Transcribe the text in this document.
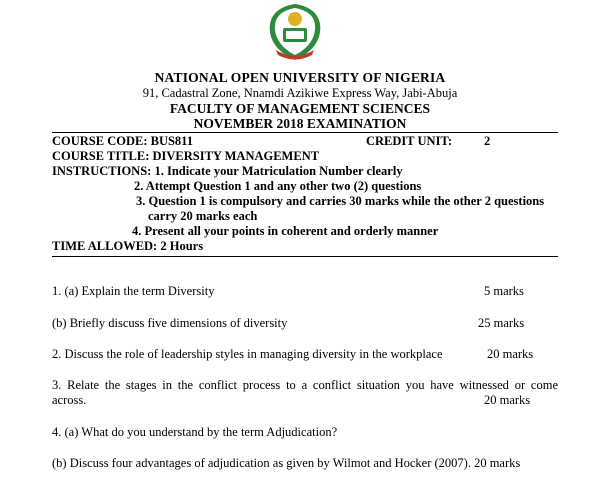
NATIONAL OPEN UNIVERSITY OF NIGERIA
91, Cadastral Zone, Nnamdi Azikiwe Express Way, Jabi-Abuja
FACULTY OF MANAGEMENT SCIENCES
NOVEMBER 2018 EXAMINATION
COURSE CODE: BUS811	CREDIT UNIT:	2
COURSE TITLE: DIVERSITY MANAGEMENT
INSTRUCTIONS: 1. Indicate your Matriculation Number clearly
2. Attempt Question 1 and any other two (2) questions
3. Question 1 is compulsory and carries 30 marks while the other 2 questions
carry 20 marks each
4. Present all your points in coherent and orderly manner
TIME ALLOWED: 2 Hours
1. (a) Explain the term Diversity	5 marks
(b) Briefly discuss five dimensions of diversity	25 marks
2. Discuss the role of leadership styles in managing diversity in the workplace	20 marks
3. Relate the stages in the conflict process to a conflict situation you have witnessed or come
across.	20 marks
4. (a) What do you understand by the term Adjudication?
(b) Discuss four advantages of adjudication as given by Wilmot and Hocker (2007). 20 marks
